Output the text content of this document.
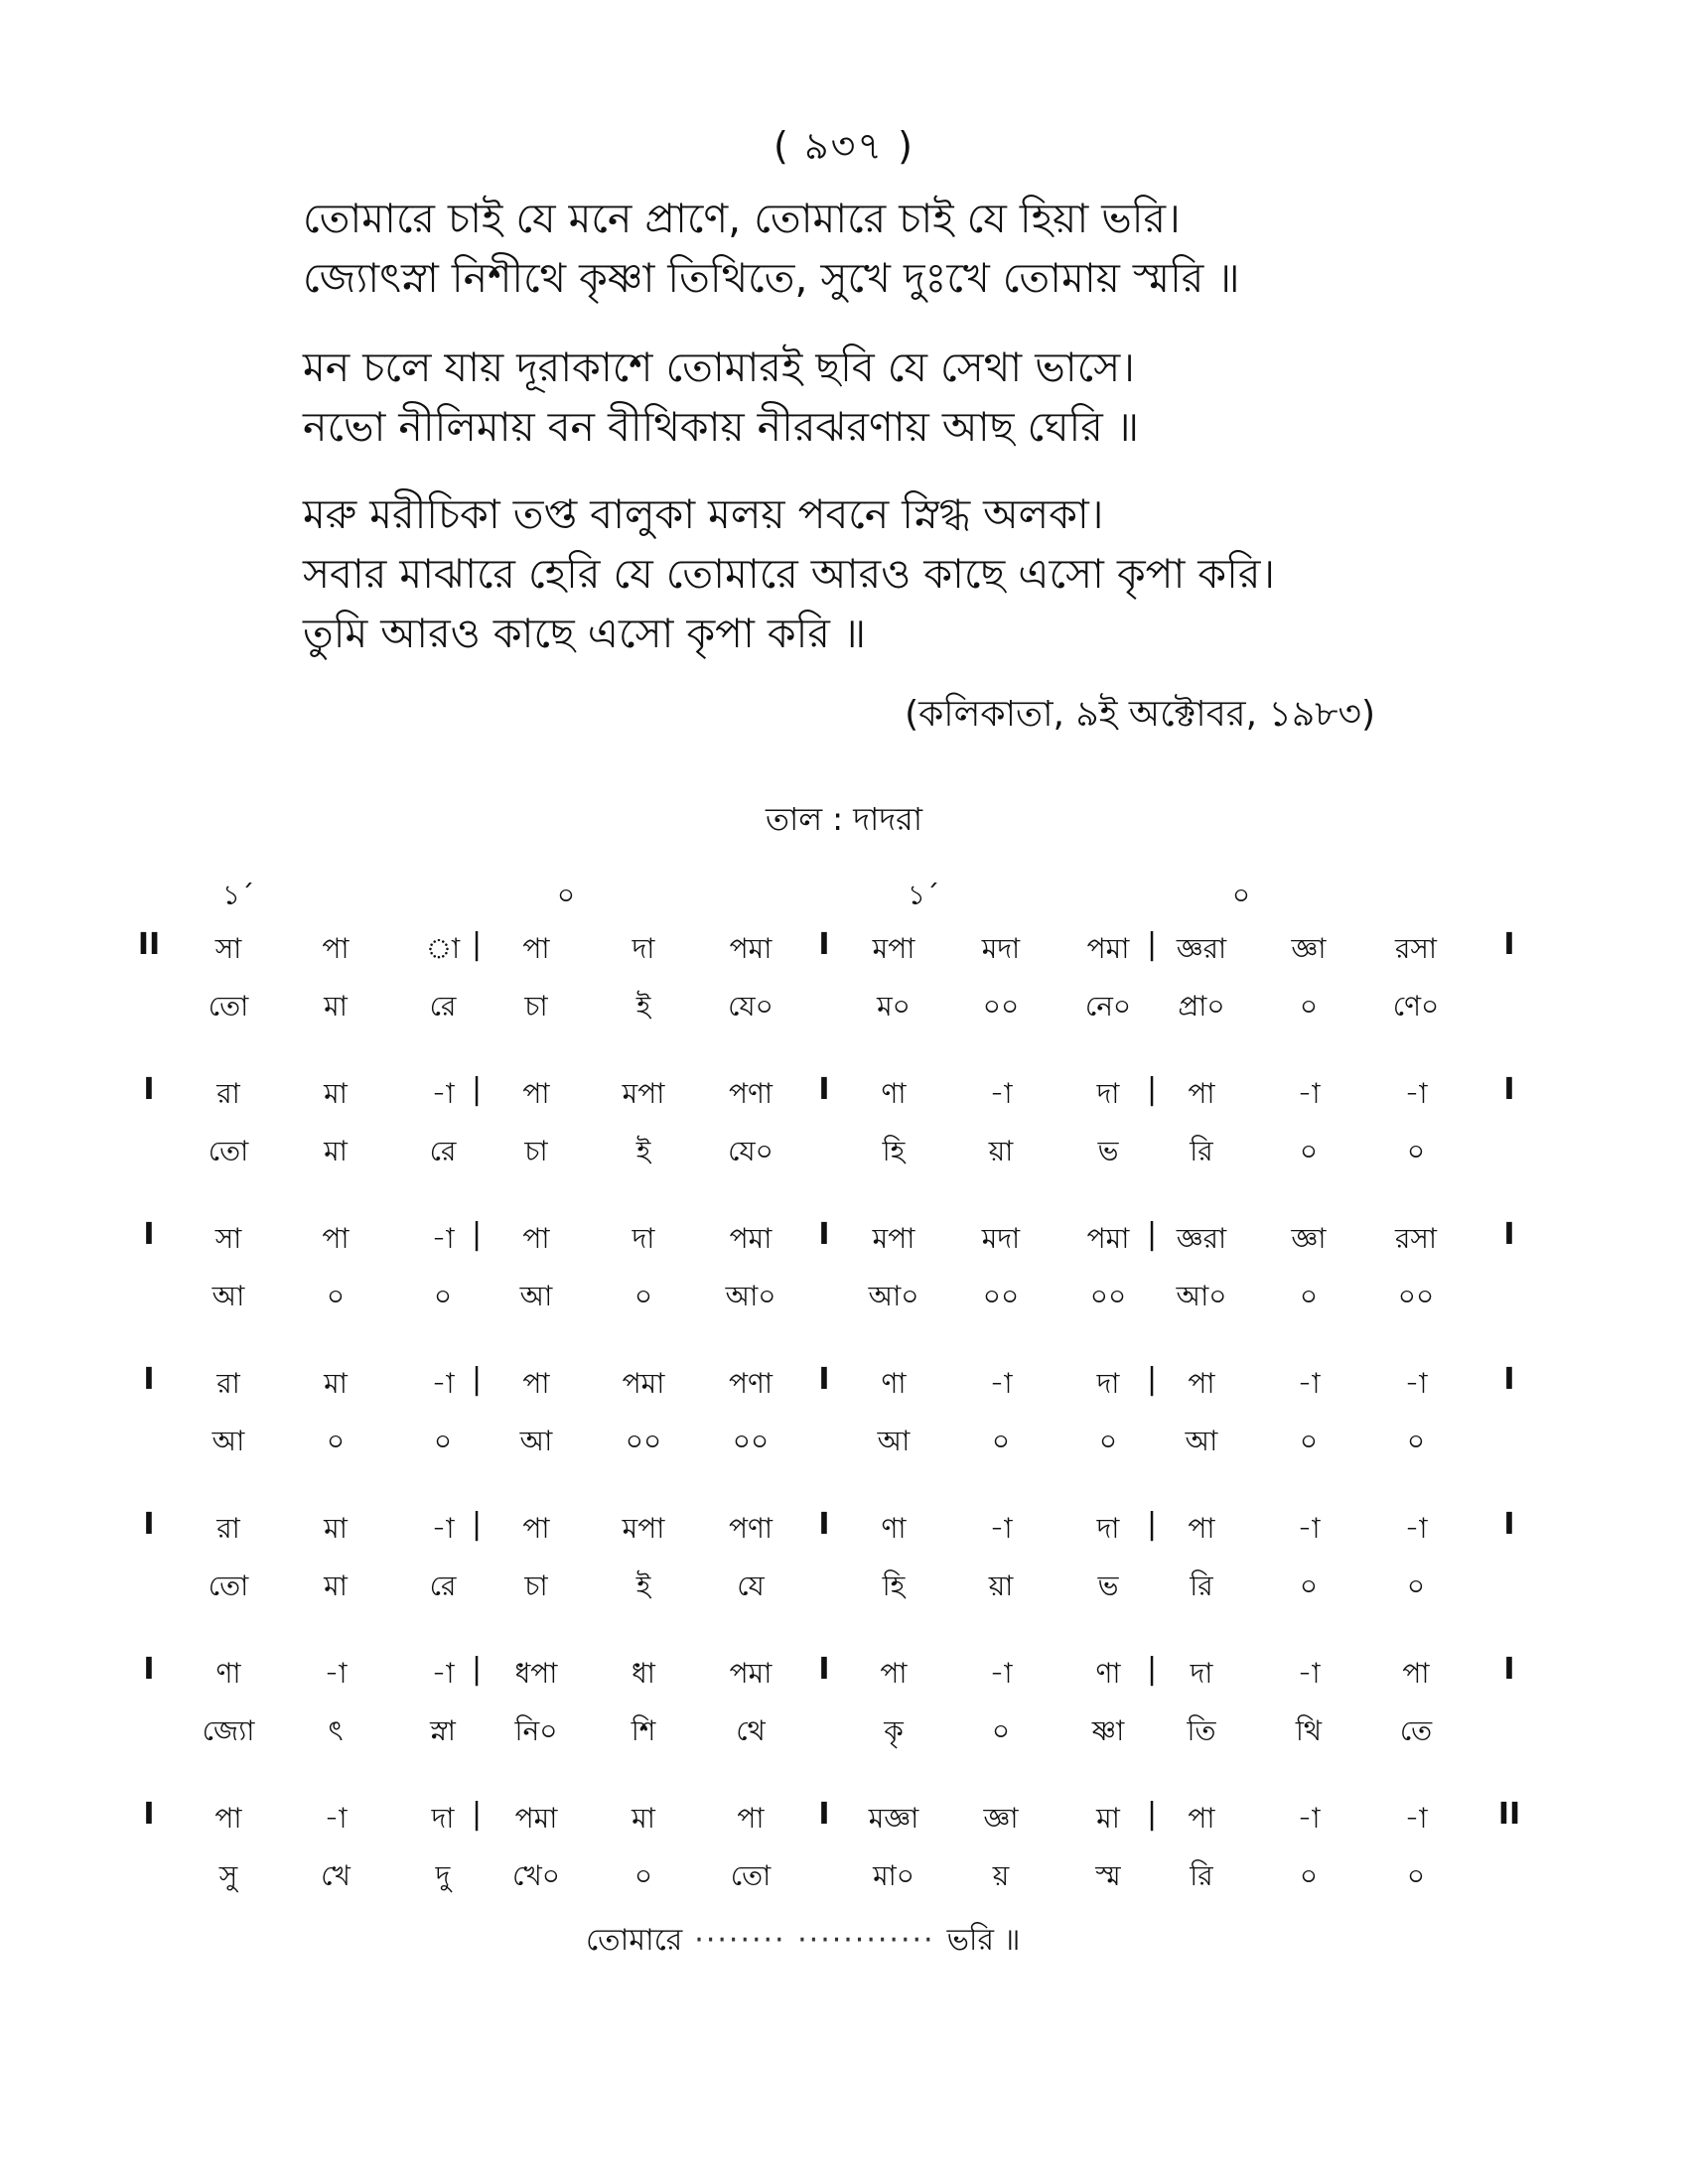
( ৯৩৭ )
তোমারে চাই যে মনে প্রাণে, তোমারে চাই যে হিয়া ভরি।
জ্যোৎস্না নিশীথে কৃষ্ণা তিথিতে, সুখে দুঃখে তোমায় স্মরি ॥
মন চলে যায় দূরাকাশে তোমারই ছবি যে সেথা ভাসে।
নভো নীলিমায় বন বীথিকায় নীরঝরণায় আছ ঘেরি ॥
মরু মরীচিকা তপ্ত বালুকা মলয় পবনে স্নিগ্ধ অলকা।
সবার মাঝারে হেরি যে তোমারে আরও কাছে এসো কৃপা করি।
তুমি আরও কাছে এসো কৃপা করি ॥
(কলিকাতা, ৯ই অক্টোবর, ১৯৮৩)
তাল : দাদরা
১´	০	১´	০
II	|	I	|	I
সা	পা	া	পা	দা	পমা	মপা	মদা	পমা	জ্ঞরা	জ্ঞা	রসা
তো	মা	রে	চা	ই	যে০	ম০	০০	নে০	প্রা০	০	ণে০
I	|	I	|	I
রা	মা	-া	পা	মপা	পণা	ণা	-া	দা	পা	-া	-া
তো	মা	রে	চা	ই	যে০	হি	য়া	ভ	রি	০	০
I	|	I	|	I
সা	পা	-া	পা	দা	পমা	মপা	মদা	পমা	জ্ঞরা	জ্ঞা	রসা
আ	০	০	আ	০	আ০	আ০	০০	০০	আ০	০	০০
I	|	I	|	I
রা	মা	-া	পা	পমা	পণা	ণা	-া	দা	পা	-া	-া
আ	০	০	আ	০০	০০	আ	০	০	আ	০	০
I	|	I	|	I
রা	মা	-া	পা	মপা	পণা	ণা	-া	দা	পা	-া	-া
তো	মা	রে	চা	ই	যে	হি	য়া	ভ	রি	০	০
I	|	I	|	I
ণা	-া	-া	ধপা	ধা	পমা	পা	-া	ণা	দা	-া	পা
জ্যো	ৎ	স্না	নি০	শি	থে	কৃ	০	ষ্ণা	তি	থি	তে
I	|	I	|	II
পা	-া	দা	পমা	মা	পা	মজ্ঞা	জ্ঞা	মা	পা	-া	-া
সু	খে	দু	খে০	০	তো	মা০	য়	স্ম	রি	০	০
তোমারে ········ ············ ভরি ॥
